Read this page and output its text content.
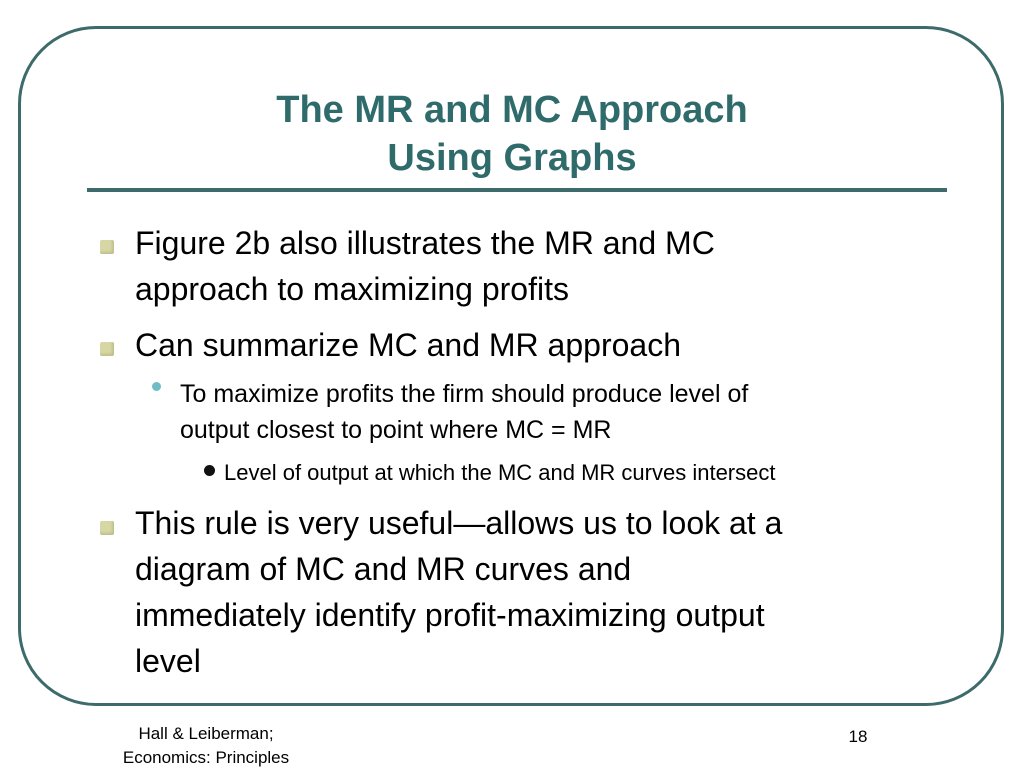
The MR and MC Approach
Using Graphs
Figure 2b also illustrates the MR and MC
approach to maximizing profits
Can summarize MC and MR approach
To maximize profits the firm should produce level of
output closest to point where MC = MR
Level of output at which the MC and MR curves intersect
This rule is very useful—allows us to look at a
diagram of MC and MR curves and
immediately identify profit-maximizing output
level
Hall & Leiberman;
Economics: Principles
18
